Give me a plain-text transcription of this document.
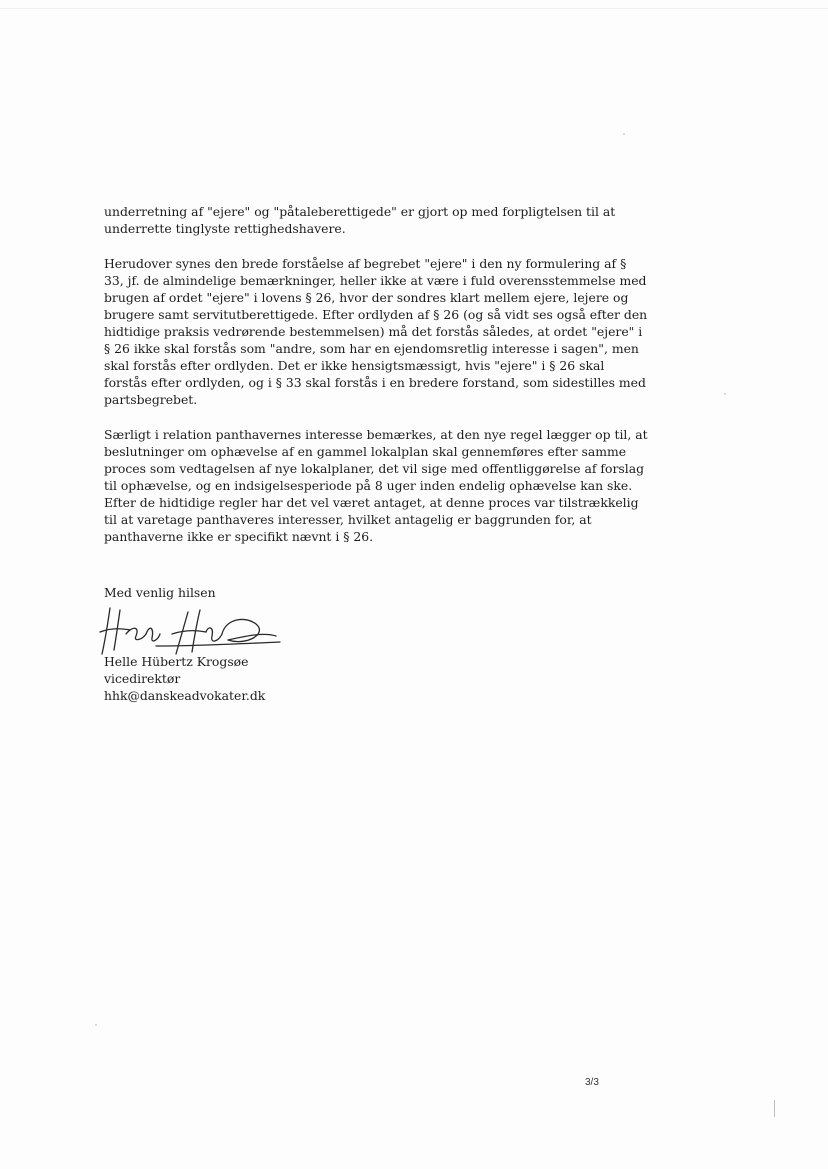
underretning af "ejere" og "påtaleberettigede" er gjort op med forpligtelsen til at
underrette tinglyste rettighedshavere.

Herudover synes den brede forståelse af begrebet "ejere" i den ny formulering af §
33, jf. de almindelige bemærkninger, heller ikke at være i fuld overensstemmelse med
brugen af ordet "ejere" i lovens § 26, hvor der sondres klart mellem ejere, lejere og
brugere samt servitutberettigede. Efter ordlyden af § 26 (og så vidt ses også efter den
hidtidige praksis vedrørende bestemmelsen) må det forstås således, at ordet "ejere" i
§ 26 ikke skal forstås som "andre, som har en ejendomsretlig interesse i sagen", men
skal forstås efter ordlyden. Det er ikke hensigtsmæssigt, hvis "ejere" i § 26 skal
forstås efter ordlyden, og i § 33 skal forstås i en bredere forstand, som sidestilles med
partsbegrebet.

Særligt i relation panthavernes interesse bemærkes, at den nye regel lægger op til, at
beslutninger om ophævelse af en gammel lokalplan skal gennemføres efter samme
proces som vedtagelsen af nye lokalplaner, det vil sige med offentliggørelse af forslag
til ophævelse, og en indsigelsesperiode på 8 uger inden endelig ophævelse kan ske.
Efter de hidtidige regler har det vel været antaget, at denne proces var tilstrækkelig
til at varetage panthaveres interesser, hvilket antagelig er baggrunden for, at
panthaverne ikke er specifikt nævnt i § 26.

Med venlig hilsen
Helle Hübertz Krogsøe
vicedirektør
hhk@danskeadvokater.dk
3/3
